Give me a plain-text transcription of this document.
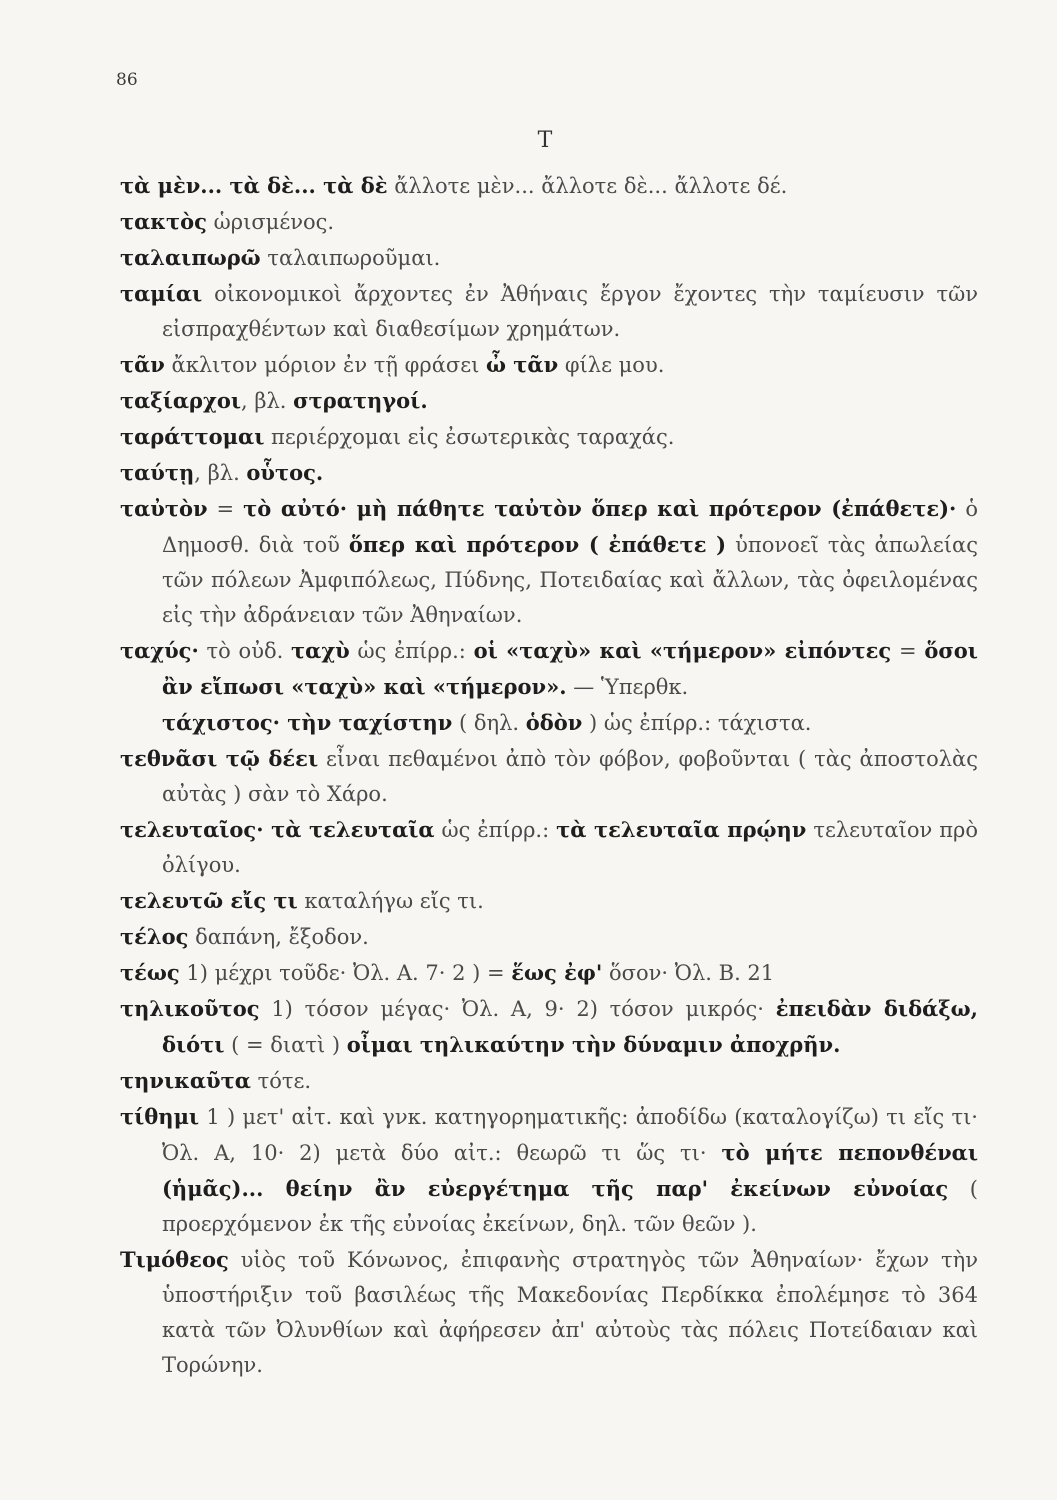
86
Τ

τὰ μὲν... τὰ δὲ... τὰ δὲ ἄλλοτε μὲν... ἄλλοτε δὲ... ἄλλοτε δέ.

τακτὸς ὡρισμένος.

ταλαιπωρῶ ταλαιπωροῦμαι.

ταμίαι οἰκονομικοὶ ἄρχοντες ἐν Ἀθήναις ἔργον ἔχοντες τὴν ταμίευσιν τῶν εἰσπραχθέντων καὶ διαθεσίμων χρημάτων.

τᾶν ἄκλιτον μόριον ἐν τῇ φράσει ὦ τᾶν φίλε μου.

ταξίαρχοι, βλ. στρατηγοί.

ταράττομαι περιέρχομαι εἰς ἐσωτερικὰς ταραχάς.

ταύτῃ, βλ. οὗτος.

ταὐτὸν = τὸ αὐτό· μὴ πάθητε ταὐτὸν ὅπερ καὶ πρότερον (ἐπάθετε)· ὁ Δημοσθ. διὰ τοῦ ὅπερ καὶ πρότερον ( ἐπάθετε ) ὑπονοεῖ τὰς ἀπωλείας τῶν πόλεων Ἀμφιπόλεως, Πύδνης, Ποτειδαίας καὶ ἄλλων, τὰς ὀφειλομένας εἰς τὴν ἀδράνειαν τῶν Ἀθηναίων.

ταχύς· τὸ οὐδ. ταχὺ ὡς ἐπίρρ.: οἱ «ταχὺ» καὶ «τήμερον» εἰπόντες = ὅσοι ἂν εἴπωσι «ταχὺ» καὶ «τήμερον». — Ὑπερθκ.

τάχιστος· τὴν ταχίστην ( δηλ. ὁδὸν ) ὡς ἐπίρρ.: τάχιστα.

τεθνᾶσι τῷ δέει εἶναι πεθαμένοι ἀπὸ τὸν φόβον, φοβοῦνται ( τὰς ἀποστολὰς αὐτὰς ) σὰν τὸ Χάρο.

τελευταῖος· τὰ τελευταῖα ὡς ἐπίρρ.: τὰ τελευταῖα πρῴην τελευταῖον πρὸ ὀλίγου.

τελευτῶ εἴς τι καταλήγω εἴς τι.

τέλος δαπάνη, ἔξοδον.

τέως 1) μέχρι τοῦδε· Ὀλ. Α. 7· 2 ) = ἕως ἐφ' ὅσον· Ὀλ. Β. 21

τηλικοῦτος 1) τόσον μέγας· Ὀλ. Α, 9· 2) τόσον μικρός· ἐπειδὰν διδάξω, διότι ( = διατὶ ) οἶμαι τηλικαύτην τὴν δύναμιν ἀποχρῆν.

τηνικαῦτα τότε.

τίθημι 1 ) μετ' αἰτ. καὶ γνκ. κατηγορηματικῆς: ἀποδίδω (καταλογίζω) τι εἴς τι· Ὀλ. Α, 10· 2) μετὰ δύο αἰτ.: θεωρῶ τι ὥς τι· τὸ μήτε πεπονθέναι (ἡμᾶς)... θείην ἂν εὐεργέτημα τῆς παρ' ἐκείνων εὐνοίας ( προερχόμενον ἐκ τῆς εὐνοίας ἐκείνων, δηλ. τῶν θεῶν ).

Τιμόθεος υἱὸς τοῦ Κόνωνος, ἐπιφανὴς στρατηγὸς τῶν Ἀθηναίων· ἔχων τὴν ὑποστήριξιν τοῦ βασιλέως τῆς Μακεδονίας Περδίκκα ἐπολέμησε τὸ 364 κατὰ τῶν Ὀλυνθίων καὶ ἀφήρεσεν ἀπ' αὐτοὺς τὰς πόλεις Ποτείδαιαν καὶ Τορώνην.
